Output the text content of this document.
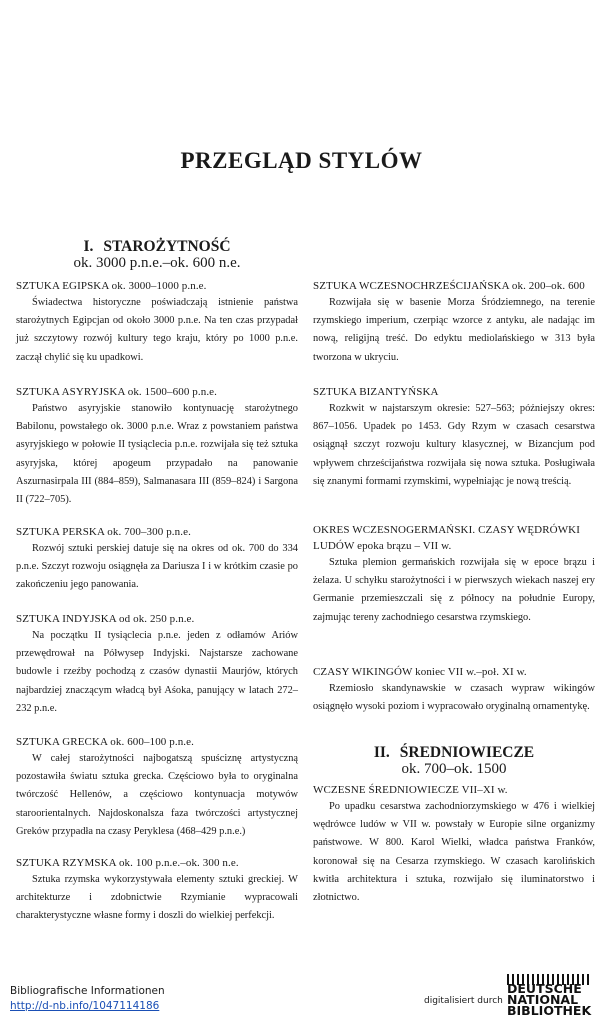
PRZEGLĄD STYLÓW
I. STAROŻYTNOŚĆ
ok. 3000 p.n.e.–ok. 600 n.e.
SZTUKA EGIPSKA ok. 3000–1000 p.n.e.

Świadectwa historyczne poświadczają istnienie państwa starożytnych Egipcjan od około 3000 p.n.e. Na ten czas przypadał już szczytowy rozwój kultury tego kraju, który po 1000 p.n.e. zaczął chylić się ku upadkowi.

SZTUKA ASYRYJSKA ok. 1500–600 p.n.e.

Państwo asyryjskie stanowiło kontynuację starożytnego Babilonu, powstałego ok. 3000 p.n.e. Wraz z powstaniem państwa asyryjskiego w połowie II tysiąclecia p.n.e. rozwijała się też sztuka asyryjska, której apogeum przypadało na panowanie Aszurnasirpala III (884–859), Salmanasara III (859–824) i Sargona II (722–705).

SZTUKA PERSKA ok. 700–300 p.n.e.

Rozwój sztuki perskiej datuje się na okres od ok. 700 do 334 p.n.e. Szczyt rozwoju osiągnęła za Dariusza I i w krótkim czasie po zakończeniu jego panowania.

SZTUKA INDYJSKA od ok. 250 p.n.e.

Na początku II tysiąclecia p.n.e. jeden z odłamów Ariów przewędrował na Półwysep Indyjski. Najstarsze zachowane budowle i rzeźby pochodzą z czasów dynastii Maurjów, których najbardziej znaczącym władcą był Aśoka, panujący w latach 272–232 p.n.e.

SZTUKA GRECKA ok. 600–100 p.n.e.

W całej starożytności najbogatszą spuściznę artystyczną pozostawiła światu sztuka grecka. Częściowo była to oryginalna twórczość Hellenów, a częściowo kontynuacja motywów staroorientalnych. Najdoskonalsza faza twórczości artystycznej Greków przypadła na czasy Peryklesa (468–429 p.n.e.)

SZTUKA RZYMSKA ok. 100 p.n.e.–ok. 300 n.e.

Sztuka rzymska wykorzystywała elementy sztuki greckiej. W architekturze i zdobnictwie Rzymianie wypracowali charakterystyczne własne formy i doszli do wielkiej perfekcji.

SZTUKA WCZESNOCHRZEŚCIJAŃSKA ok. 200–ok. 600

Rozwijała się w basenie Morza Śródziemnego, na terenie rzymskiego imperium, czerpiąc wzorce z antyku, ale nadając im nową, religijną treść. Do edyktu mediolańskiego w 313 była tworzona w ukryciu.

SZTUKA BIZANTYŃSKA

Rozkwit w najstarszym okresie: 527–563; późniejszy okres: 867–1056. Upadek po 1453. Gdy Rzym w czasach cesarstwa osiągnął szczyt rozwoju kultury klasycznej, w Bizancjum pod wpływem chrześcijaństwa rozwijała się nowa sztuka. Posługiwała się znanymi formami rzymskimi, wypełniając je nową treścią.

OKRES WCZESNOGERMAŃSKI. CZASY WĘDRÓWKI LUDÓW epoka brązu – VII w.

Sztuka plemion germańskich rozwijała się w epoce brązu i żelaza. U schyłku starożytności i w pierwszych wiekach naszej ery Germanie przemieszczali się z północy na południe Europy, zajmując tereny zachodniego cesarstwa rzymskiego.

CZASY WIKINGÓW koniec VII w.–poł. XI w.

Rzemiosło skandynawskie w czasach wypraw wikingów osiągnęło wysoki poziom i wypracowało oryginalną ornamentykę.

II. ŚREDNIOWIECZE
ok. 700–ok. 1500
WCZESNE ŚREDNIOWIECZE VII–XI w.

Po upadku cesarstwa zachodniorzymskiego w 476 i wielkiej wędrówce ludów w VII w. powstały w Europie silne organizmy państwowe. W 800. Karol Wielki, władca państwa Franków, koronował się na Cesarza rzymskiego. W czasach karolińskich kwitła architektura i sztuka, rozwijało się iluminatorstwo i złotnictwo.

Bibliografische Informationen
http://d-nb.info/1047114186	digitalisiert durch
DEUTSCHE
NATIONAL
BIBLIOTHEK
